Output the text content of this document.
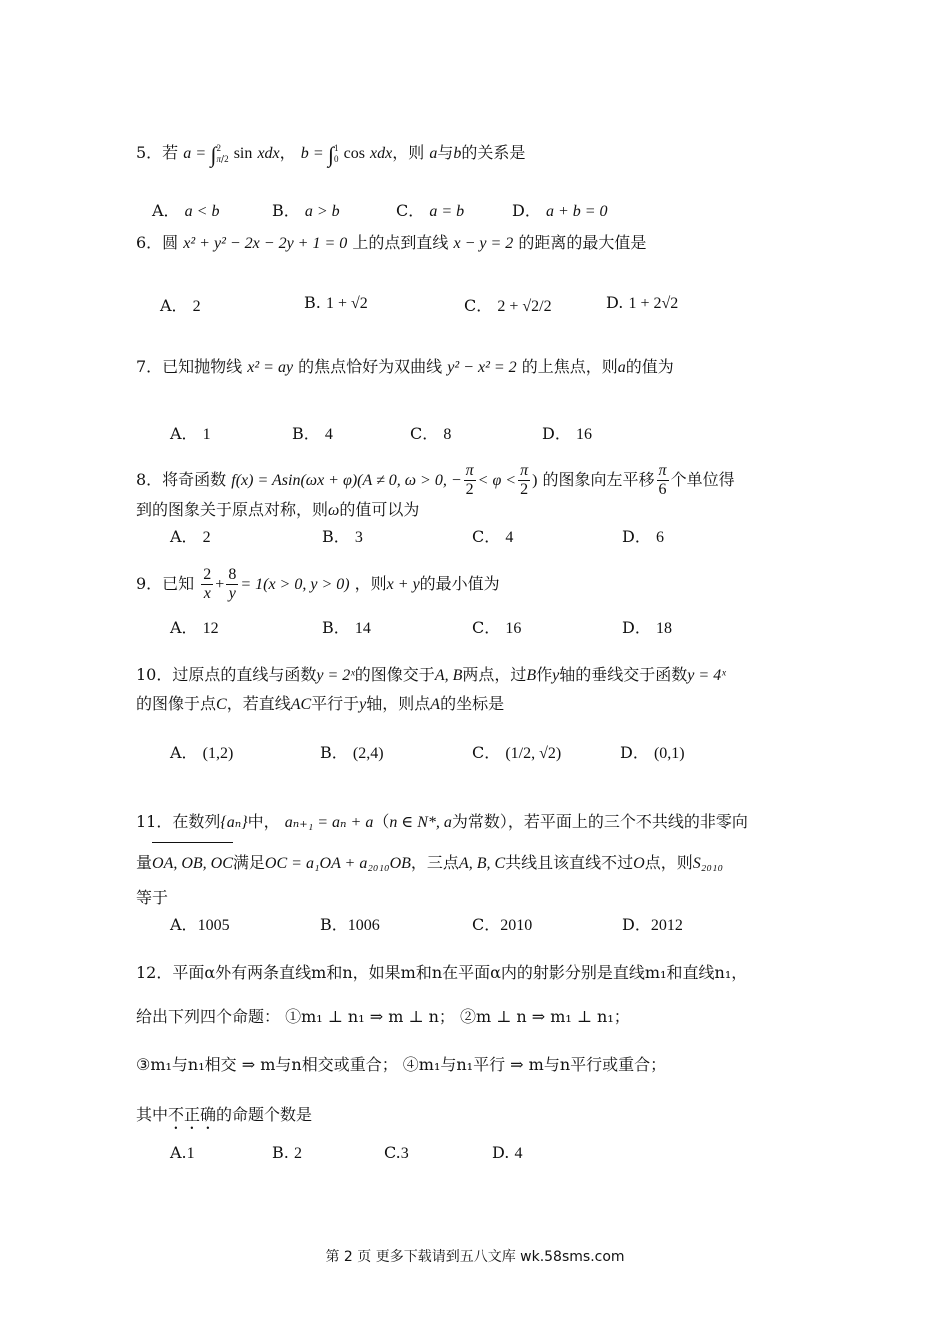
5．若 a = ∫2
π/2 sin xdx， b = ∫1
0 cos xdx，则 a与b的关系是
A． a < b	B． a > b	C． a = b	D． a + b = 0
6．圆 x² + y² − 2x − 2y + 1 = 0 上的点到直线 x − y = 2 的距离的最大值是
A． 2	B. 1 + √2	C． 2 + √2/2	D. 1 + 2√2
7．已知抛物线 x² = ay 的焦点恰好为双曲线 y² − x² = 2 的上焦点，则a的值为
A． 1	B． 4	C． 8	D． 16
8．将奇函数 f(x) = Asin(ωx + φ)(A ≠ 0, ω > 0, − $\frac{\pi}{2} < \varphi < \frac{\pi}{2}$ ) 的图象向左平移 $\frac{\pi}{6}$ 个单位得
到的图象关于原点对称，则ω的值可以为
A． 2	B． 3	C． 4	D． 6
9．已知 $\frac{2}{x} + \frac{8}{y} = 1(x > 0$, y > 0) ，则x + y的最小值为
A． 12	B． 14	C． 16	D． 18
10．过原点的直线与函数y = 2ˣ的图像交于A, B两点，过B作y轴的垂线交于函数y = 4ˣ
的图像于点C，若直线AC平行于y轴，则点A的坐标是
A． (1,2)	B． (2,4)	C． (1/2, √2)	D． (0,1)
11．在数列{aₙ}中， aₙ₊₁ = aₙ + a（n ∈ N*, a为常数），若平面上的三个不共线的非零向
量OA, OB, OC满足OC = a₁OA + a₂₀₁₀OB，三点A, B, C共线且该直线不过O点，则S₂₀₁₀
等于
A．1005	B．1006	C．2010	D．2012
12．平面α外有两条直线m和n，如果m和n在平面α内的射影分别是直线m₁和直线n₁，
给出下列四个命题： ①m₁ ⊥ n₁ ⇒ m ⊥ n； ②m ⊥ n ⇒ m₁ ⊥ n₁；
③m₁与n₁相交 ⇒ m与n相交或重合； ④m₁与n₁平行 ⇒ m与n平行或重合；
其中不正确的命题个数是
A.1	B. 2	C.3	D. 4
第 2 页 更多下载请到五八文库 wk.58sms.com
